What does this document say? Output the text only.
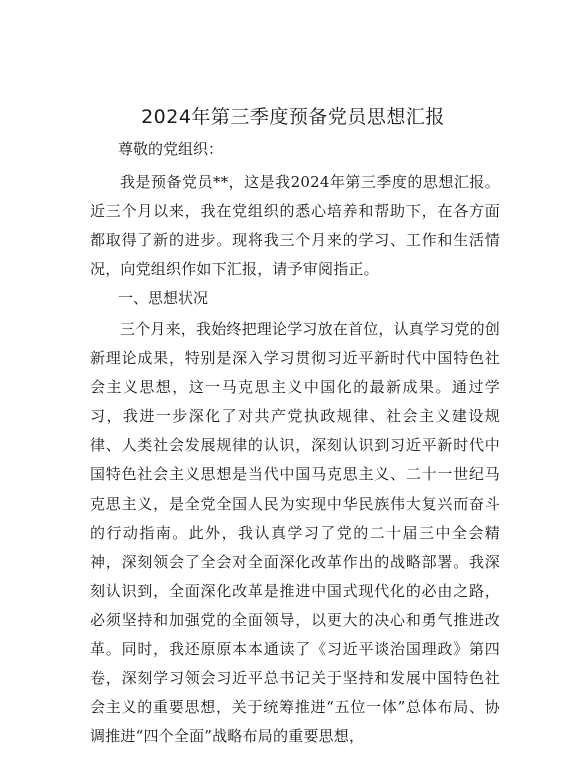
2024年第三季度预备党员思想汇报

尊敬的党组织：

我是预备党员**，这是我2024年第三季度的思想汇报。近三个月以来，我在党组织的悉心培养和帮助下，在各方面都取得了新的进步。现将我三个月来的学习、工作和生活情况，向党组织作如下汇报，请予审阅指正。

一、思想状况

三个月来，我始终把理论学习放在首位，认真学习党的创新理论成果，特别是深入学习贯彻习近平新时代中国特色社会主义思想，这一马克思主义中国化的最新成果。通过学习，我进一步深化了对共产党执政规律、社会主义建设规律、人类社会发展规律的认识，深刻认识到习近平新时代中国特色社会主义思想是当代中国马克思主义、二十一世纪马克思主义，是全党全国人民为实现中华民族伟大复兴而奋斗的行动指南。此外，我认真学习了党的二十届三中全会精神，深刻领会了全会对全面深化改革作出的战略部署。我深刻认识到，全面深化改革是推进中国式现代化的必由之路，必须坚持和加强党的全面领导，以更大的决心和勇气推进改革。同时，我还原原本本通读了《习近平谈治国理政》第四卷，深刻学习领会习近平总书记关于坚持和发展中国特色社会主义的重要思想，关于统筹推进“五位一体”总体布局、协调推进“四个全面”战略布局的重要思想，
